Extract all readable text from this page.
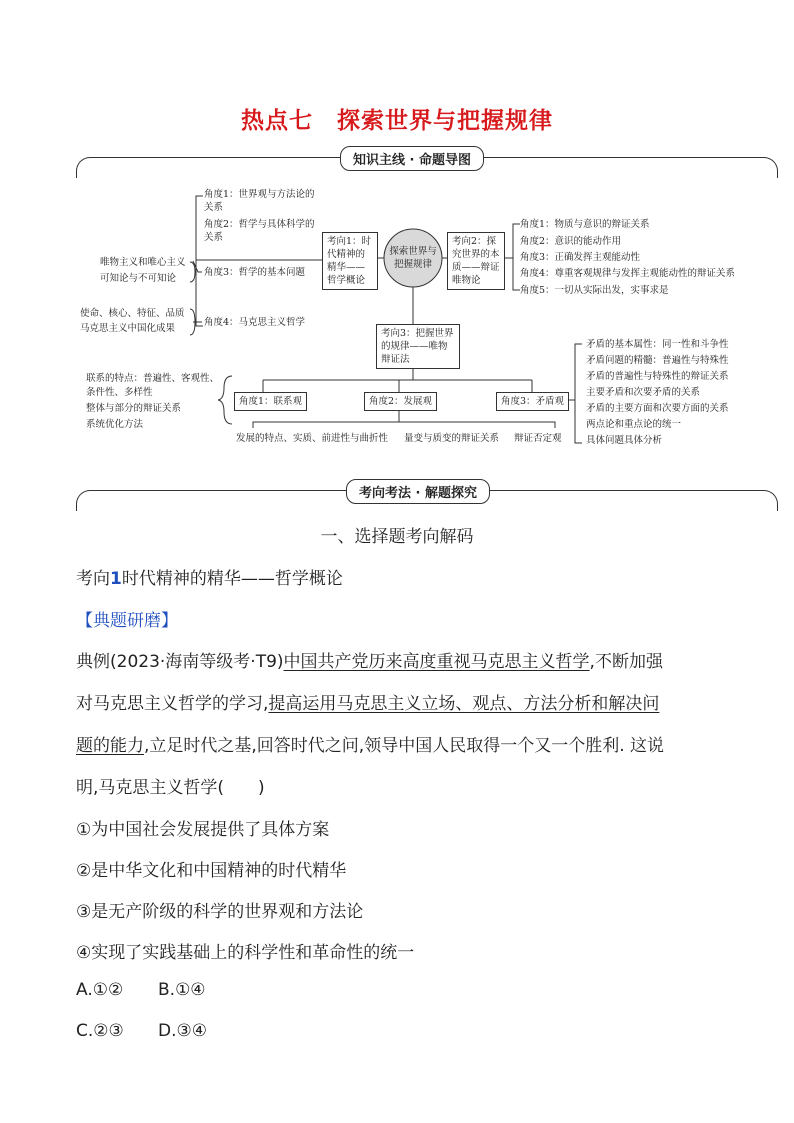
热点七　探索世界与把握规律
知识主线 · 命题导图
角度1：世界观与方法论的关系
角度2：哲学与具体科学的关系
角度3：哲学的基本问题
角度4：马克思主义哲学
唯物主义和唯心主义
可知论与不可知论
使命、核心、特征、品质
马克思主义中国化成果
考向1：时代精神的精华——哲学概论
探索世界与把握规律
考向2：探究世界的本质——辩证唯物论
考向3：把握世界的规律——唯物辩证法
角度1：物质与意识的辩证关系
角度2：意识的能动作用
角度3：正确发挥主观能动性
角度4：尊重客观规律与发挥主观能动性的辩证关系
角度5：一切从实际出发，实事求是
角度1：联系观	角度2：发展观	角度3：矛盾观
联系的特点：普遍性、客观性、
条件性、多样性
整体与部分的辩证关系
系统优化方法
发展的特点、实质、前进性与曲折性 量变与质变的辩证关系 辩证否定观
矛盾的基本属性：同一性和斗争性
矛盾问题的精髓：普遍性与特殊性
矛盾的普遍性与特殊性的辩证关系
主要矛盾和次要矛盾的关系
矛盾的主要方面和次要方面的关系
两点论和重点论的统一
具体问题具体分析
考向考法 · 解题探究
一、选择题考向解码
考向1时代精神的精华——哲学概论
【典题研磨】
典例(2023·海南等级考·T9)中国共产党历来高度重视马克思主义哲学,不断加强
对马克思主义哲学的学习,提高运用马克思主义立场、观点、方法分析和解决问
题的能力,立足时代之基,回答时代之问,领导中国人民取得一个又一个胜利. 这说
明,马克思主义哲学(　　)
①为中国社会发展提供了具体方案
②是中华文化和中国精神的时代精华
③是无产阶级的科学的世界观和方法论
④实现了实践基础上的科学性和革命性的统一
A.①② B.①④
C.②③ D.③④
